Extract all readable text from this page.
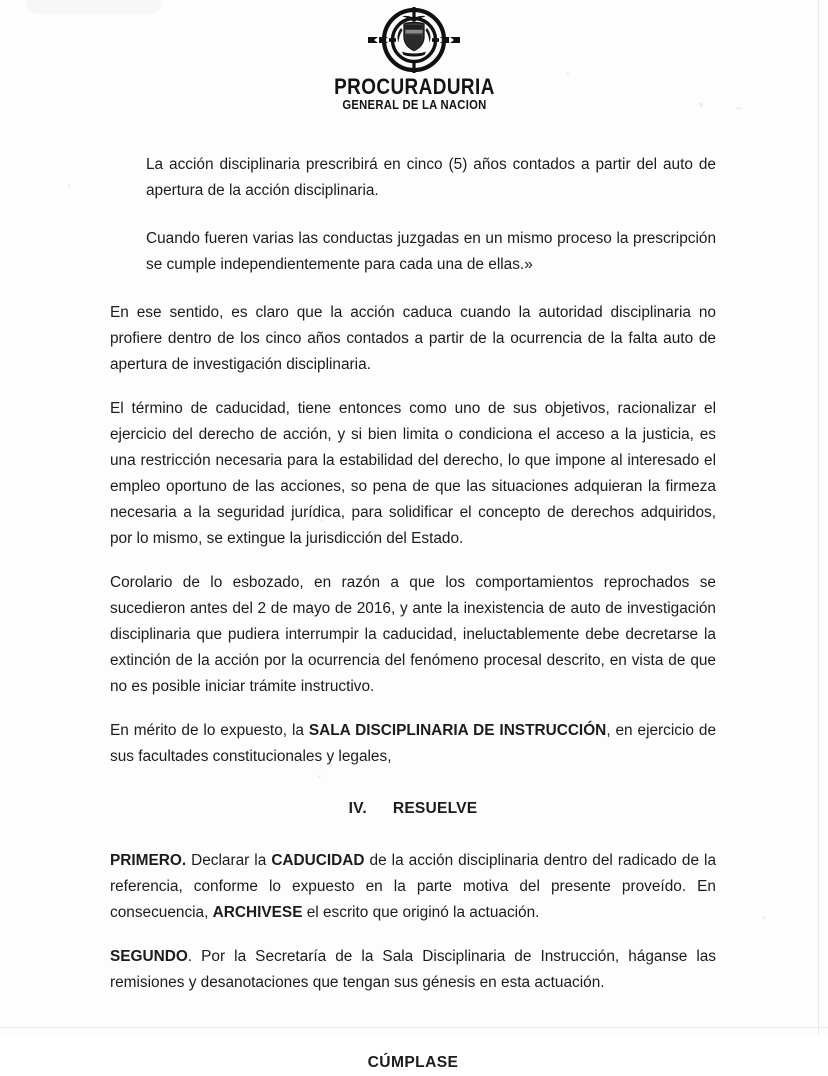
PROCURADURIA
GENERAL DE LA NACION

La acción disciplinaria prescribirá en cinco (5) años contados a partir del auto de apertura de la acción disciplinaria.

Cuando fueren varias las conductas juzgadas en un mismo proceso la prescripción se cumple independientemente para cada una de ellas.»

En ese sentido, es claro que la acción caduca cuando la autoridad disciplinaria no profiere dentro de los cinco años contados a partir de la ocurrencia de la falta auto de apertura de investigación disciplinaria.

El término de caducidad, tiene entonces como uno de sus objetivos, racionalizar el ejercicio del derecho de acción, y si bien limita o condiciona el acceso a la justicia, es una restricción necesaria para la estabilidad del derecho, lo que impone al interesado el empleo oportuno de las acciones, so pena de que las situaciones adquieran la firmeza necesaria a la seguridad jurídica, para solidificar el concepto de derechos adquiridos, por lo mismo, se extingue la jurisdicción del Estado.

Corolario de lo esbozado, en razón a que los comportamientos reprochados se sucedieron antes del 2 de mayo de 2016, y ante la inexistencia de auto de investigación disciplinaria que pudiera interrumpir la caducidad, ineluctablemente debe decretarse la extinción de la acción por la ocurrencia del fenómeno procesal descrito, en vista de que no es posible iniciar trámite instructivo.

En mérito de lo expuesto, la SALA DISCIPLINARIA DE INSTRUCCIÓN, en ejercicio de sus facultades constitucionales y legales,

IV. RESUELVE

PRIMERO. Declarar la CADUCIDAD de la acción disciplinaria dentro del radicado de la referencia, conforme lo expuesto en la parte motiva del presente proveído. En consecuencia, ARCHIVESE el escrito que originó la actuación.

SEGUNDO. Por la Secretaría de la Sala Disciplinaria de Instrucción, háganse las remisiones y desanotaciones que tengan sus génesis en esta actuación.

CÚMPLASE
